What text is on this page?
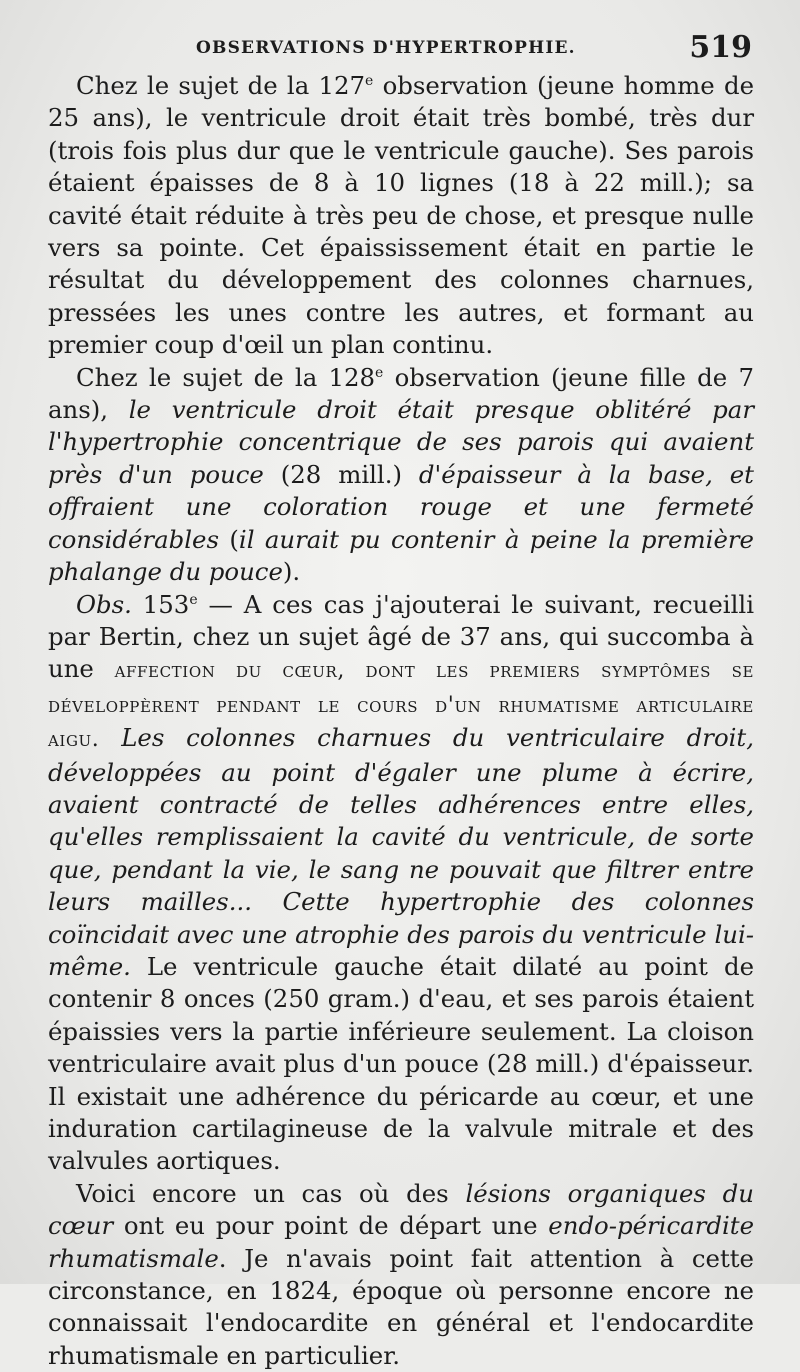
OBSERVATIONS D'HYPERTROPHIE.	519

Chez le sujet de la 127e observation (jeune homme de 25 ans), le ventricule droit était très bombé, très dur (trois fois plus dur que le ventricule gauche). Ses parois étaient épaisses de 8 à 10 lignes (18 à 22 mill.); sa cavité était réduite à très peu de chose, et presque nulle vers sa pointe. Cet épaississement était en partie le résultat du développement des colonnes charnues, pressées les unes contre les autres, et formant au premier coup d'œil un plan continu.

Chez le sujet de la 128e observation (jeune fille de 7 ans), le ventricule droit était presque oblitéré par l'hypertrophie concentrique de ses parois qui avaient près d'un pouce (28 mill.) d'épaisseur à la base, et offraient une coloration rouge et une fermeté considérables (il aurait pu contenir à peine la première phalange du pouce).

Obs. 153e — A ces cas j'ajouterai le suivant, recueilli par Bertin, chez un sujet âgé de 37 ans, qui succomba à une affection du cœur, dont les premiers symptômes se développèrent pendant le cours d'un rhumatisme articulaire aigu. Les colonnes charnues du ventriculaire droit, développées au point d'égaler une plume à écrire, avaient contracté de telles adhérences entre elles, qu'elles remplissaient la cavité du ventricule, de sorte que, pendant la vie, le sang ne pouvait que filtrer entre leurs mailles... Cette hypertrophie des colonnes coïncidait avec une atrophie des parois du ventricule lui-même. Le ventricule gauche était dilaté au point de contenir 8 onces (250 gram.) d'eau, et ses parois étaient épaissies vers la partie inférieure seulement. La cloison ventriculaire avait plus d'un pouce (28 mill.) d'épaisseur. Il existait une adhérence du péricarde au cœur, et une induration cartilagineuse de la valvule mitrale et des valvules aortiques.

Voici encore un cas où des lésions organiques du cœur ont eu pour point de départ une endo-péricardite rhumatismale. Je n'avais point fait attention à cette circonstance, en 1824, époque où personne encore ne connaissait l'endocardite en général et l'endocardite rhumatismale en particulier.
